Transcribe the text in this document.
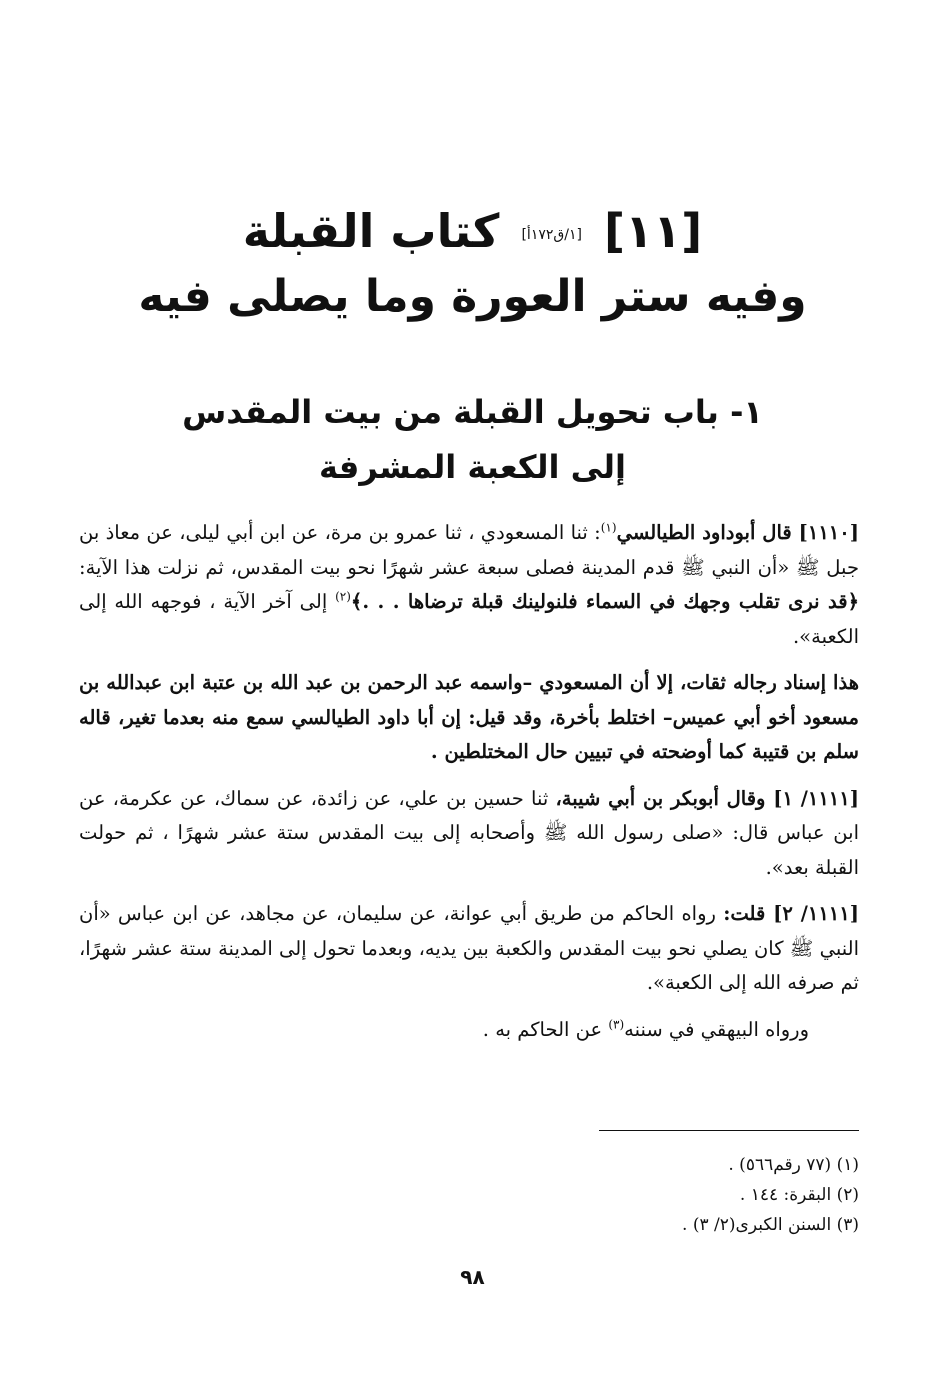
[١١] [١/ق١٧٢أ] كتاب القبلة
وفيه ستر العورة وما يصلى فيه
١- باب تحويل القبلة من بيت المقدس
إلى الكعبة المشرفة

[١١١٠] قال أبوداود الطيالسي$^{(١)}$: ثنا المسعودي ، ثنا عمرو بن مرة، عن ابن أبي ليلى، عن معاذ بن جبل ﷺ «أن النبي ﷺ قدم المدينة فصلى سبعة عشر شهرًا نحو بيت المقدس، ثم نزلت هذا الآية: ﴿قد نرى تقلب وجهك في السماء فلنولينك قبلة ترضاها . . .﴾$^{(٢)}$ إلى آخر الآية ، فوجهه الله إلى الكعبة».

هذا إسناد رجاله ثقات، إلا أن المسعودي –واسمه عبد الرحمن بن عبد الله بن عتبة ابن عبدالله بن مسعود أخو أبي عميس– اختلط بأخرة، وقد قيل: إن أبا داود الطيالسي سمع منه بعدما تغير، قاله سلم بن قتيبة كما أوضحته في تبيين حال المختلطين .

[١١١١/ ١] وقال أبوبكر بن أبي شيبة، ثنا حسين بن علي، عن زائدة، عن سماك، عن عكرمة، عن ابن عباس قال: «صلى رسول الله ﷺ وأصحابه إلى بيت المقدس ستة عشر شهرًا ، ثم حولت القبلة بعد».

[١١١١/ ٢] قلت: رواه الحاكم من طريق أبي عوانة، عن سليمان، عن مجاهد، عن ابن عباس «أن النبي ﷺ كان يصلي نحو بيت المقدس والكعبة بين يديه، وبعدما تحول إلى المدينة ستة عشر شهرًا، ثم صرفه الله إلى الكعبة».

ورواه البيهقي في سننه$^{(٣)}$ عن الحاكم به .

(١) (٧٧ رقم٥٦٦) .
(٢) البقرة: ١٤٤ .
(٣) السنن الكبرى(٢/ ٣) .
٩٨
